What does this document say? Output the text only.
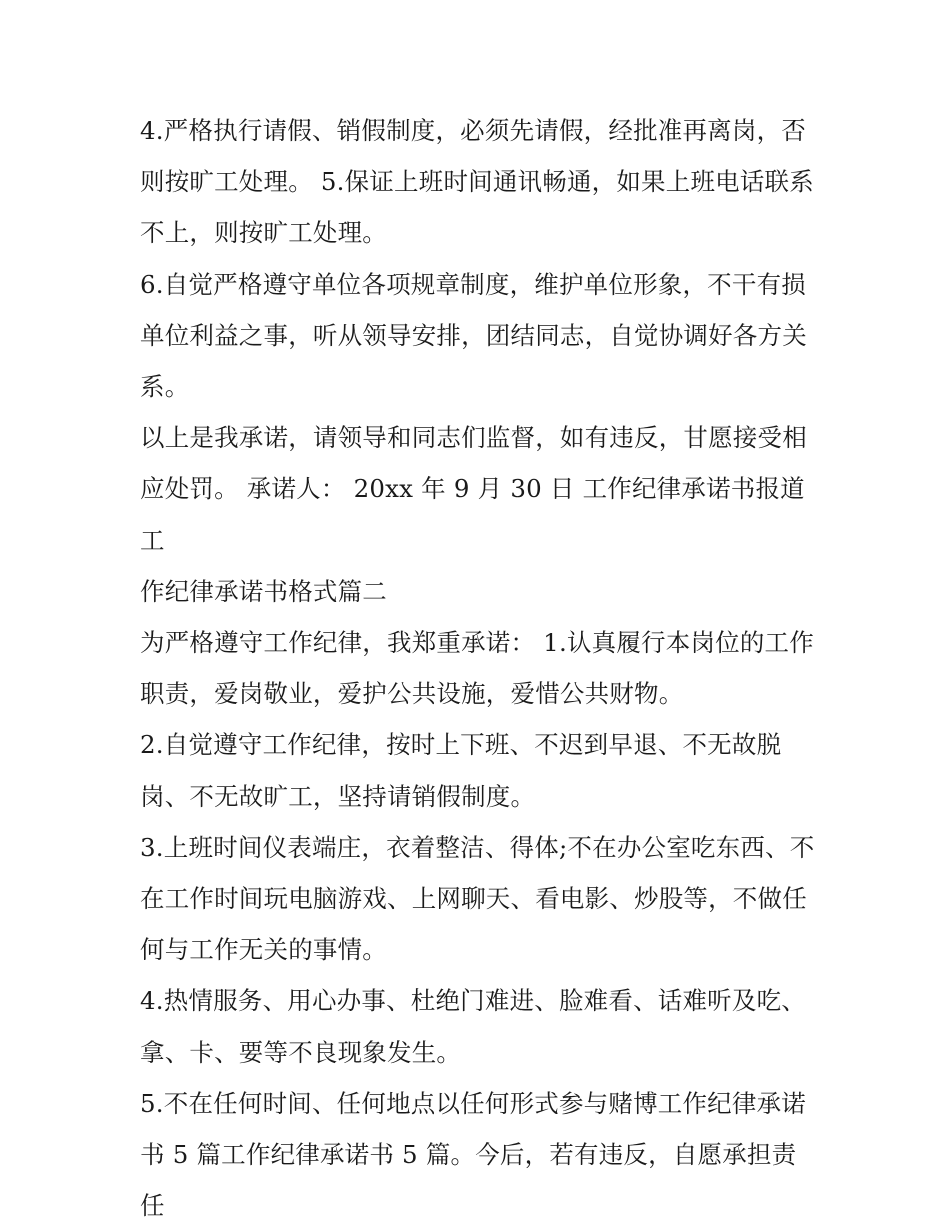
4.严格执行请假、销假制度，必须先请假，经批准再离岗，否
则按旷工处理。 5.保证上班时间通讯畅通，如果上班电话联系
不上，则按旷工处理。

6.自觉严格遵守单位各项规章制度，维护单位形象，不干有损
单位利益之事，听从领导安排，团结同志，自觉协调好各方关
系。

以上是我承诺，请领导和同志们监督，如有违反，甘愿接受相
应处罚。 承诺人： 20xx 年 9 月 30 日 工作纪律承诺书报道 工
作纪律承诺书格式篇二

为严格遵守工作纪律，我郑重承诺： 1.认真履行本岗位的工作
职责，爱岗敬业，爱护公共设施，爱惜公共财物。

2.自觉遵守工作纪律，按时上下班、不迟到早退、不无故脱
岗、不无故旷工，坚持请销假制度。

3.上班时间仪表端庄，衣着整洁、得体;不在办公室吃东西、不
在工作时间玩电脑游戏、上网聊天、看电影、炒股等，不做任
何与工作无关的事情。

4.热情服务、用心办事、杜绝门难进、脸难看、话难听及吃、
拿、卡、要等不良现象发生。

5.不在任何时间、任何地点以任何形式参与赌博工作纪律承诺
书 5 篇工作纪律承诺书 5 篇。今后，若有违反，自愿承担责任
